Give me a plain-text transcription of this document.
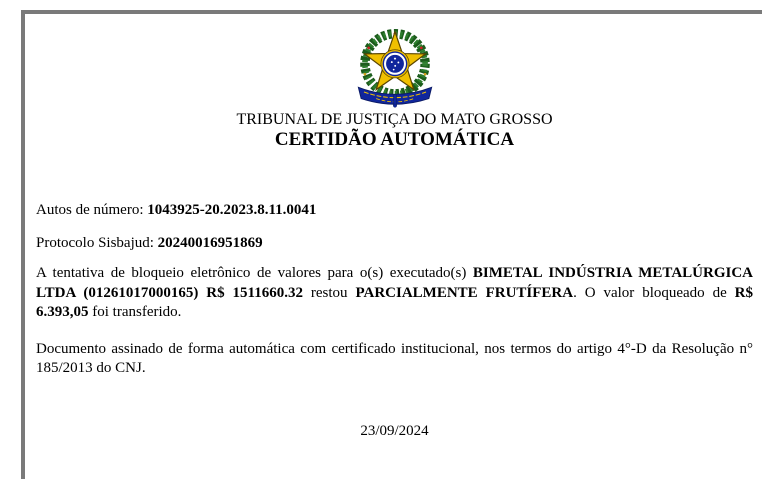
TRIBUNAL DE JUSTIÇA DO MATO GROSSO
CERTIDÃO AUTOMÁTICA

Autos de número: 1043925-20.2023.8.11.0041

Protocolo Sisbajud: 20240016951869

A tentativa de bloqueio eletrônico de valores para o(s) executado(s) BIMETAL INDÚSTRIA METALÚRGICA LTDA (01261017000165) R$ 1511660.32 restou PARCIALMENTE FRUTÍFERA. O valor bloqueado de R$ 6.393,05 foi transferido.

Documento assinado de forma automática com certificado institucional, nos termos do artigo 4°-D da Resolução n° 185/2013 do CNJ.

23/09/2024
